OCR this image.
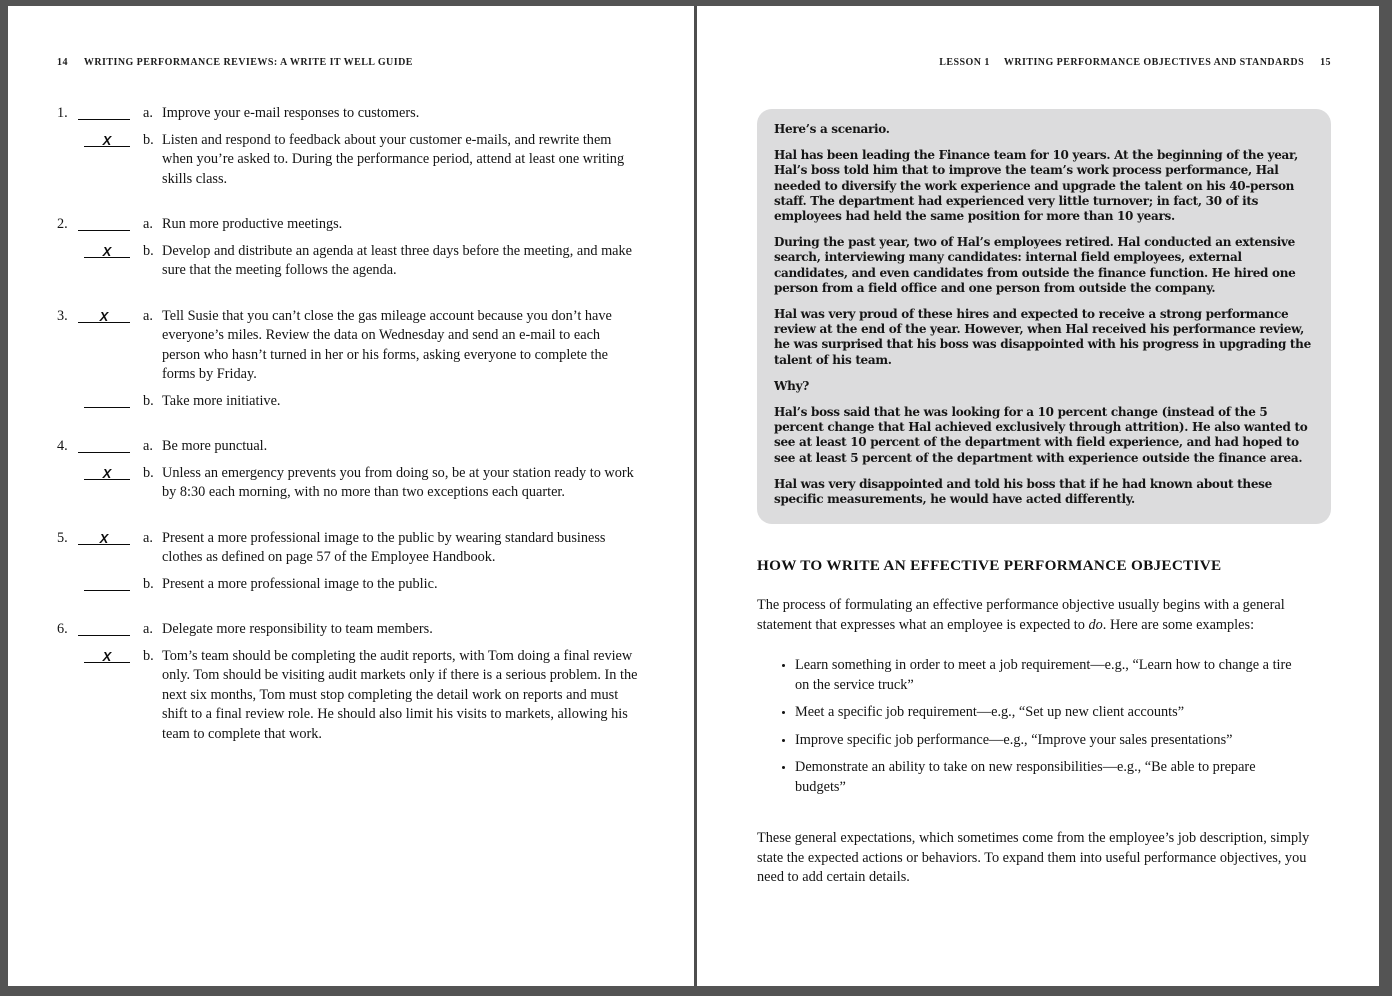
14 WRITING PERFORMANCE REVIEWS: A WRITE IT WELL GUIDE
1.	a. Improve your e-mail responses to customers.
X b. Listen and respond to feedback about your customer e-mails, and rewrite them when you’re asked to. During the performance period, attend at least one writing skills class.
2.	a. Run more productive meetings.
X b. Develop and distribute an agenda at least three days before the meeting, and make sure that the meeting follows the agenda.
3.	X a. Tell Susie that you can’t close the gas mileage account because you don’t have everyone’s miles. Review the data on Wednesday and send an e-mail to each person who hasn’t turned in her or his forms, asking everyone to complete the forms by Friday.
b. Take more initiative.
4.	a. Be more punctual.
X b. Unless an emergency prevents you from doing so, be at your station ready to work by 8:30 each morning, with no more than two exceptions each quarter.
5.	X a. Present a more professional image to the public by wearing standard business clothes as defined on page 57 of the Employee Handbook.
b. Present a more professional image to the public.
6.	a. Delegate more responsibility to team members.
X b. Tom’s team should be completing the audit reports, with Tom doing a final review only. Tom should be visiting audit markets only if there is a serious problem. In the next six months, Tom must stop completing the detail work on reports and must shift to a final review role. He should also limit his visits to markets, allowing his team to complete that work.
LESSON 1 WRITING PERFORMANCE OBJECTIVES AND STANDARDS 15

Here’s a scenario.

Hal has been leading the Finance team for 10 years. At the beginning of the year, Hal’s boss told him that to improve the team’s work process performance, Hal needed to diversify the work experience and upgrade the talent on his 40-person staff. The department had experienced very little turnover; in fact, 30 of its employees had held the same position for more than 10 years.

During the past year, two of Hal’s employees retired. Hal conducted an extensive search, interviewing many candidates: internal field employees, external candidates, and even candidates from outside the finance function. He hired one person from a field office and one person from outside the company.

Hal was very proud of these hires and expected to receive a strong performance review at the end of the year. However, when Hal received his performance review, he was surprised that his boss was disappointed with his progress in upgrading the talent of his team.

Why?

Hal’s boss said that he was looking for a 10 percent change (instead of the 5 percent change that Hal achieved exclusively through attrition). He also wanted to see at least 10 percent of the department with field experience, and had hoped to see at least 5 percent of the department with experience outside the finance area.

Hal was very disappointed and told his boss that if he had known about these specific measurements, he would have acted differently.

HOW TO WRITE AN EFFECTIVE PERFORMANCE OBJECTIVE

The process of formulating an effective performance objective usually begins with a general statement that expresses what an employee is expected to do. Here are some examples:

• Learn something in order to meet a job requirement—e.g., “Learn how to change a tire on the service truck”
• Meet a specific job requirement—e.g., “Set up new client accounts”
• Improve specific job performance—e.g., “Improve your sales presentations”
• Demonstrate an ability to take on new responsibilities—e.g., “Be able to prepare budgets”

These general expectations, which sometimes come from the employee’s job description, simply state the expected actions or behaviors. To expand them into useful performance objectives, you need to add certain details.
